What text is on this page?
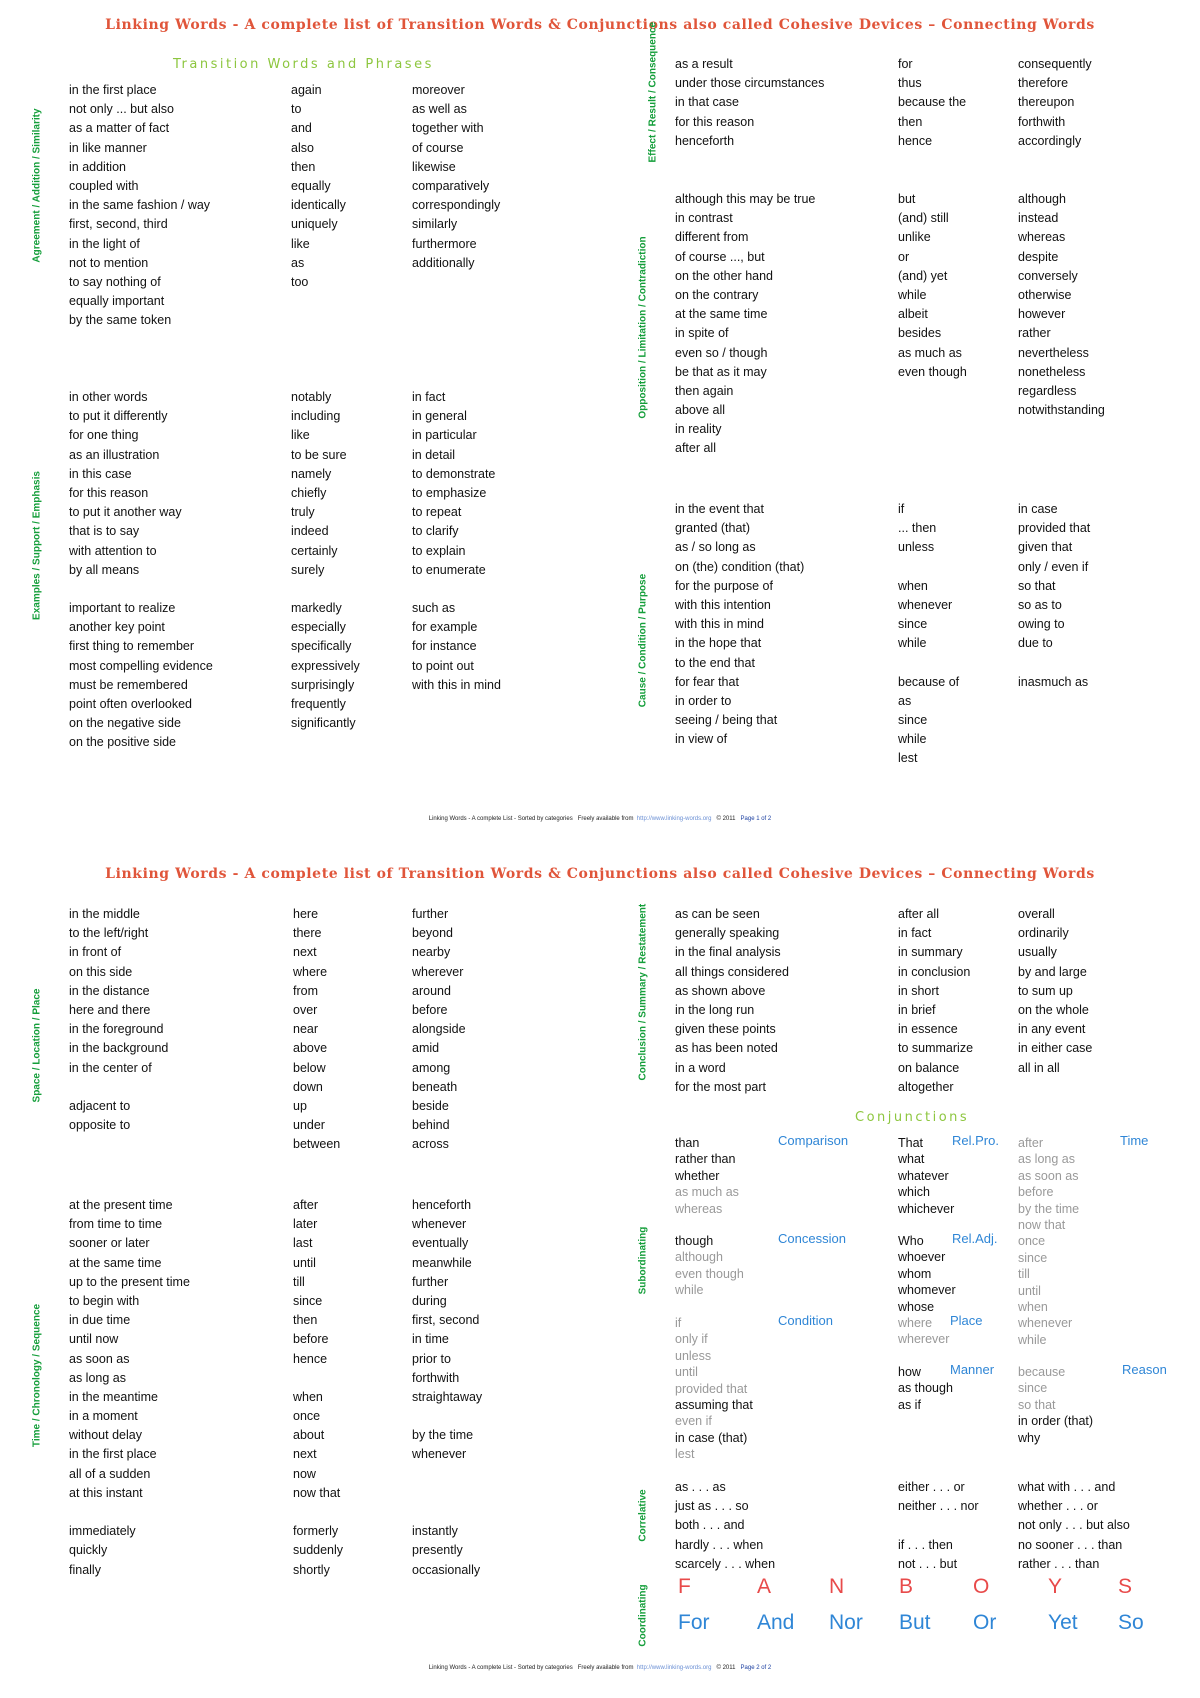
Linking Words - A complete list of Transition Words & Conjunctions also called Cohesive Devices – Connecting Words
Transition Words and Phrases
Agreement / Addition / Similarity
in the first place
not only ... but also
as a matter of fact
in like manner
in addition
coupled with
in the same fashion / way
first, second, third
in the light of
not to mention
to say nothing of
equally important
by the same token
again
to
and
also
then
equally
identically
uniquely
like
as
too
moreover
as well as
together with
of course
likewise
comparatively
correspondingly
similarly
furthermore
additionally
Examples / Support / Emphasis
in other words
to put it differently
for one thing
as an illustration
in this case
for this reason
to put it another way
that is to say
with attention to
by all means
important to realize
another key point
first thing to remember
most compelling evidence
must be remembered
point often overlooked
on the negative side
on the positive side
notably
including
like
to be sure
namely
chiefly
truly
indeed
certainly
surely
markedly
especially
specifically
expressively
surprisingly
frequently
significantly
in fact
in general
in particular
in detail
to demonstrate
to emphasize
to repeat
to clarify
to explain
to enumerate
such as
for example
for instance
to point out
with this in mind
Effect / Result / Consequence as a result
under those circumstances
in that case
for this reason
henceforth
for
thus
because the
then
hence
consequently
therefore
thereupon
forthwith
accordingly
Opposition / Limitation / Contradiction
although this may be true
in contrast
different from
of course ..., but
on the other hand
on the contrary
at the same time
in spite of
even so / though
be that as it may
then again
above all
in reality
after all
but
(and) still
unlike
or
(and) yet
while
albeit
besides
as much as
even though
although
instead
whereas
despite
conversely
otherwise
however
rather
nevertheless
nonetheless
regardless
notwithstanding
Cause / Condition / Purpose
in the event that
granted (that)
as / so long as
on (the) condition (that)
for the purpose of
with this intention
with this in mind
in the hope that
to the end that
for fear that
in order to
seeing / being that
in view of
if
... then
unless
when
whenever
since
while
because of
as
since
while
lest
in case
provided that
given that
only / even if
so that
so as to
owing to
due to
inasmuch as
Linking Words - A complete List - Sorted by categories Freely available from http://www.linking-words.org © 2011 Page 1 of 2
Linking Words - A complete list of Transition Words & Conjunctions also called Cohesive Devices – Connecting Words
Space / Location / Place
in the middle
to the left/right
in front of
on this side
in the distance
here and there
in the foreground
in the background
in the center of
adjacent to
opposite to
here
there
next
where
from
over
near
above
below
down
up
under
between
further
beyond
nearby
wherever
around
before
alongside
amid
among
beneath
beside
behind
across
Time / Chronology / Sequence
at the present time
from time to time
sooner or later
at the same time
up to the present time
to begin with
in due time
until now
as soon as
as long as
in the meantime
in a moment
without delay
in the first place
all of a sudden
at this instant
immediately
quickly
finally
after
later
last
until
till
since
then
before
hence
when
once
about
next
now
now that
formerly
suddenly
shortly
henceforth
whenever
eventually
meanwhile
further
during
first, second
in time
prior to
forthwith
straightaway
by the time
whenever
instantly
presently
occasionally
Conclusion / Summary / Restatement as can be seen
generally speaking
in the final analysis
all things considered
as shown above
in the long run
given these points
as has been noted
in a word
for the most part
after all
in fact
in summary
in conclusion
in short
in brief
in essence
to summarize
on balance
altogether
overall
ordinarily
usually
by and large
to sum up
on the whole
in any event
in either case
all in all
Conjunctions
Subordinating
than
rather than
whether
as much as
whereas
Comparison
though
although
even though
while
Concession
if
only if
unless
until
provided that
assuming that
even if
in case (that)
lest
Condition
That
what
whatever
which
whichever
Rel.Pro.
Who
whoever
whom
whomever
whose
Rel.Adj.
where
wherever
Place
how
as though
as if
Manner
after
as long as
as soon as
before
by the time
now that
once
since
till
until
when
whenever
while
Time
because
since
so that
in order (that)
why
Reason
Correlative
as . . . as
just as . . . so
both . . . and
hardly . . . when
scarcely . . . when
either . . . or
neither . . . nor
if . . . then
not . . . but
what with . . . and
whether . . . or
not only . . . but also
no sooner . . . than
rather . . . than
Coordinating F
For
A
And
N
Nor
B
But
O
Or
Y
Yet
S
So
Linking Words - A complete List - Sorted by categories Freely available from http://www.linking-words.org © 2011 Page 2 of 2
